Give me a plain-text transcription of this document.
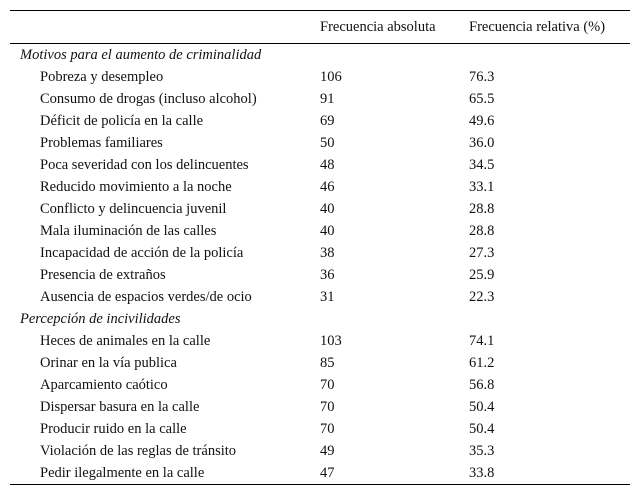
	Frecuencia absoluta	Frecuencia relativa (%)
Motivos para el aumento de criminalidad		
Pobreza y desempleo	106	76.3
Consumo de drogas (incluso alcohol)	91	65.5
Déficit de policía en la calle	69	49.6
Problemas familiares	50	36.0
Poca severidad con los delincuentes	48	34.5
Reducido movimiento a la noche	46	33.1
Conflicto y delincuencia juvenil	40	28.8
Mala iluminación de las calles	40	28.8
Incapacidad de acción de la policía	38	27.3
Presencia de extraños	36	25.9
Ausencia de espacios verdes/de ocio	31	22.3
Percepción de incivilidades		
Heces de animales en la calle	103	74.1
Orinar en la vía publica	85	61.2
Aparcamiento caótico	70	56.8
Dispersar basura en la calle	70	50.4
Producir ruido en la calle	70	50.4
Violación de las reglas de tránsito	49	35.3
Pedir ilegalmente en la calle	47	33.8
